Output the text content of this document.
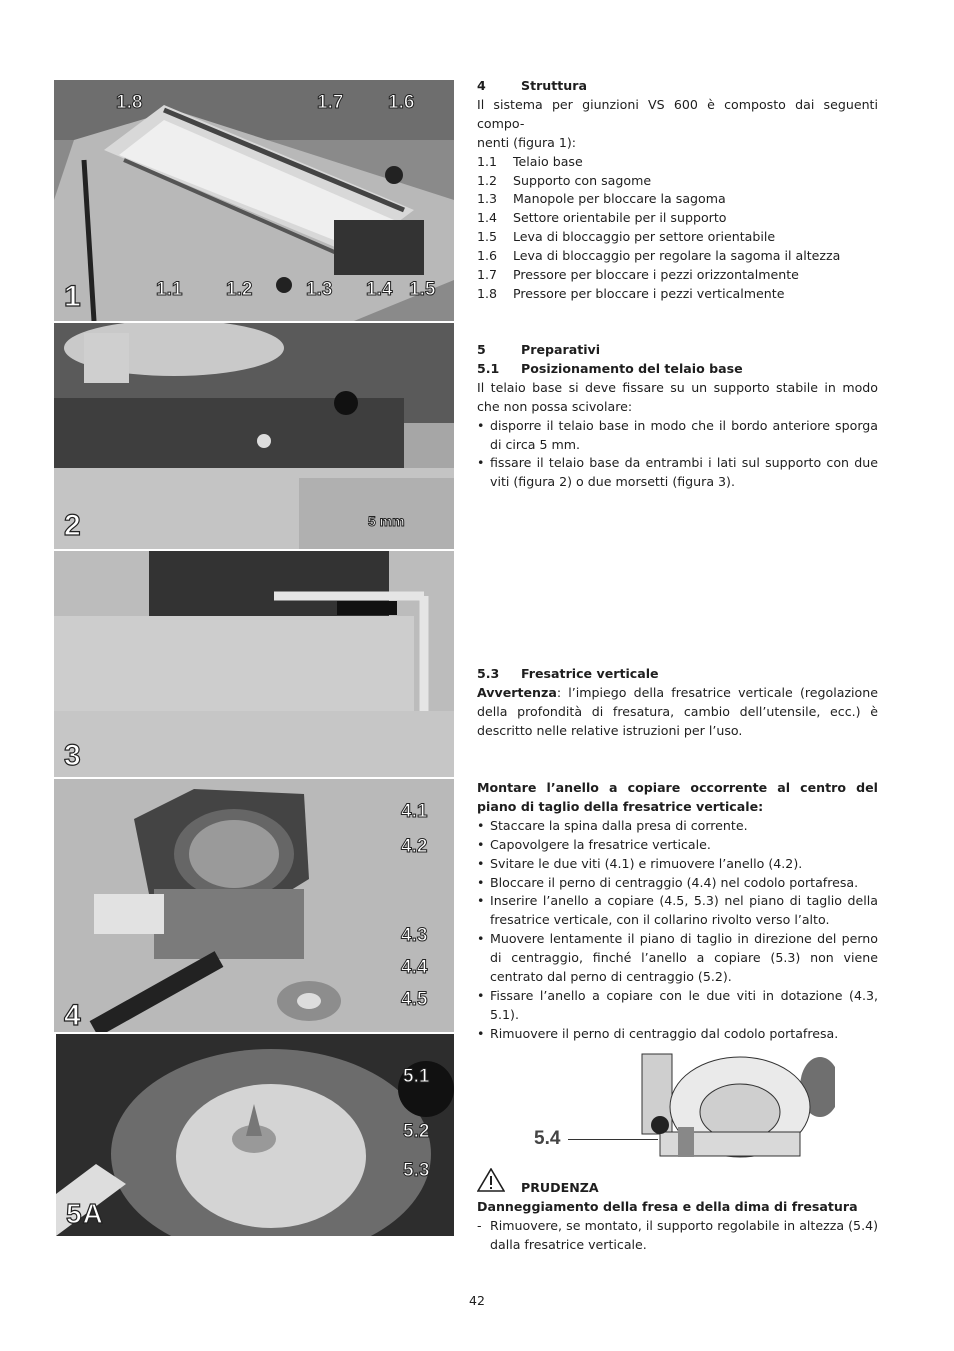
1.8	1.7 1.6
1.1 1.2	1.3 1.4 1.5
1
5 mm
2
3
4.1
4.2
4.3
4.4
4.5
4
5.1
5.2
5.3
5A
5.4
4	Struttura

Il sistema per giunzioni VS 600 è composto dai seguenti compo-

nenti (figura 1):

1.1	Telaio base
1.2	Supporto con sagome
1.3	Manopole per bloccare la sagoma
1.4	Settore orientabile per il supporto
1.5	Leva di bloccaggio per settore orientabile
1.6	Leva di bloccaggio per regolare la sagoma il altezza
1.7	Pressore per bloccare i pezzi orizzontalmente
1.8	Pressore per bloccare i pezzi verticalmente
5	Preparativi
5.1	Posizionamento del telaio base

Il telaio base si deve fissare su un supporto stabile in modo che non possa scivolare:

• disporre il telaio base in modo che il bordo anteriore sporga di circa 5 mm.
• fissare il telaio base da entrambi i lati sul supporto con due viti (figura 2) o due morsetti (figura 3).
5.3	Fresatrice verticale

Avvertenza: l’impiego della fresatrice verticale (regolazione della profondità di fresatura, cambio dell’utensile, ecc.) è descritto nelle relative istruzioni per l’uso.

Montare l’anello a copiare occorrente al centro del piano di taglio della fresatrice verticale:

• Staccare la spina dalla presa di corrente.
• Capovolgere la fresatrice verticale.
• Svitare le due viti (4.1) e rimuovere l’anello (4.2).
• Bloccare il perno di centraggio (4.4) nel codolo portafresa.
• Inserire l’anello a copiare (4.5, 5.3) nel piano di taglio della fresatrice verticale, con il collarino rivolto verso l’alto.
• Muovere lentamente il piano di taglio in direzione del perno di centraggio, finché l’anello a copiare (5.3) non viene centrato dal perno di centraggio (5.2).
• Fissare l’anello a copiare con le due viti in dotazione (4.3, 5.1).
• Rimuovere il perno di centraggio dal codolo portafresa.
PRUDENZA

Danneggiamento della fresa e della dima di fresatura

- Rimuovere, se montato, il supporto regolabile in altezza (5.4) dalla fresatrice verticale.
42
